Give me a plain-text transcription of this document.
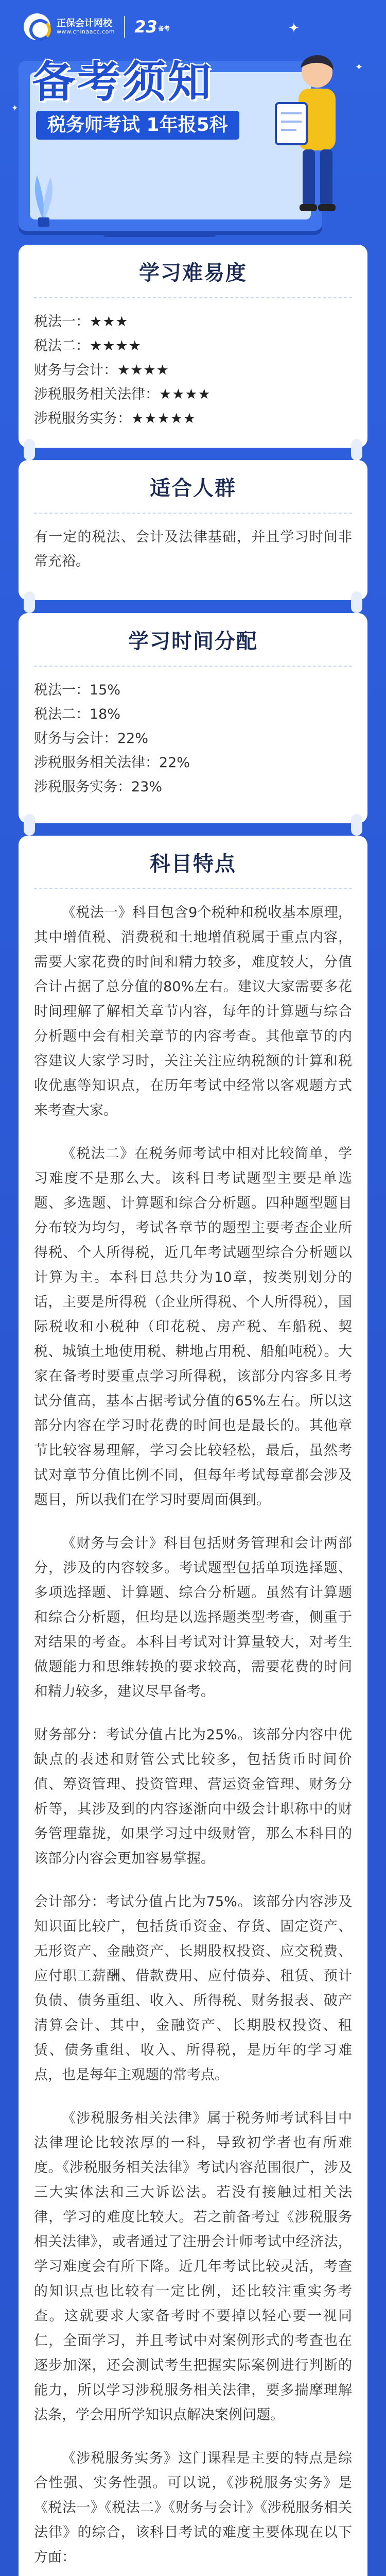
正保会计网校
www.chinaacc.com 23 备考	✦
✦
✦
备考须知
税务师考试 1年报5科
学习难易度
税法一：★★★
税法二：★★★★
财务与会计：★★★★
涉税服务相关法律：★★★★
涉税服务实务：★★★★★
适合人群
有一定的税法、会计及法律基础，并且学习时间非常充裕。
学习时间分配
税法一：15%
税法二：18%
财务与会计：22%
涉税服务相关法律：22%
涉税服务实务：23%
科目特点
《税法一》科目包含9个税种和税收基本原理，其中增值税、消费税和土地增值税属于重点内容，需要大家花费的时间和精力较多，难度较大，分值合计占据了总分值的80%左右。建议大家需要多花时间理解了解相关章节内容，每年的计算题与综合分析题中会有相关章节的内容考查。其他章节的内容建议大家学习时，关注关注应纳税额的计算和税收优惠等知识点，在历年考试中经常以客观题方式来考查大家。
《税法二》在税务师考试中相对比较简单，学习难度不是那么大。该科目考试题型主要是单选题、多选题、计算题和综合分析题。四种题型题目分布较为均匀，考试各章节的题型主要考查企业所得税、个人所得税，近几年考试题型综合分析题以计算为主。本科目总共分为10章，按类别划分的话，主要是所得税（企业所得税、个人所得税），国际税收和小税种（印花税、房产税、车船税、契税、城镇土地使用税、耕地占用税、船舶吨税）。大家在备考时要重点学习所得税，该部分内容多且考试分值高，基本占据考试分值的65%左右。所以这部分内容在学习时花费的时间也是最长的。其他章节比较容易理解，学习会比较轻松，最后，虽然考试对章节分值比例不同，但每年考试每章都会涉及题目，所以我们在学习时要周面俱到。
《财务与会计》科目包括财务管理和会计两部分，涉及的内容较多。考试题型包括单项选择题、多项选择题、计算题、综合分析题。虽然有计算题和综合分析题，但均是以选择题类型考查，侧重于对结果的考查。本科目考试对计算量较大，对考生做题能力和思维转换的要求较高，需要花费的时间和精力较多，建议尽早备考。
财务部分：考试分值占比为25%。该部分内容中优缺点的表述和财管公式比较多，包括货币时间价值、筹资管理、投资管理、营运资金管理、财务分析等，其涉及到的内容逐渐向中级会计职称中的财务管理靠拢，如果学习过中级财管，那么本科目的该部分内容会更加容易掌握。
会计部分：考试分值占比为75%。该部分内容涉及知识面比较广，包括货币资金、存货、固定资产、无形资产、金融资产、长期股权投资、应交税费、应付职工薪酬、借款费用、应付债券、租赁、预计负债、债务重组、收入、所得税、财务报表、破产清算会计、其中，金融资产、长期股权投资、租赁、债务重组、收入、所得税，是历年的学习难点，也是每年主观题的常考点。
《涉税服务相关法律》属于税务师考试科目中法律理论比较浓厚的一科，导致初学者也有所难度。《涉税服务相关法律》考试内容范围很广，涉及三大实体法和三大诉讼法。若没有接触过相关法律，学习的难度比较大。若之前备考过《涉税服务相关法律》，或者通过了注册会计师考试中经济法，学习难度会有所下降。近几年考试比较灵活，考查的知识点也比较有一定比例，还比较注重实务考查。这就要求大家备考时不要掉以轻心要一视同仁，全面学习，并且考试中对案例形式的考查也在逐步加深，还会测试考生把握实际案例进行判断的能力，所以学习涉税服务相关法律，要多揣摩理解法条，学会用所学知识点解决案例问题。
《涉税服务实务》这门课程是主要的特点是综合性强、实务性强。可以说，《涉税服务实务》是《税法一》《税法二》《财务与会计》《涉税服务相关法律》的综合，该科目考试的难度主要体现在以下方面：
